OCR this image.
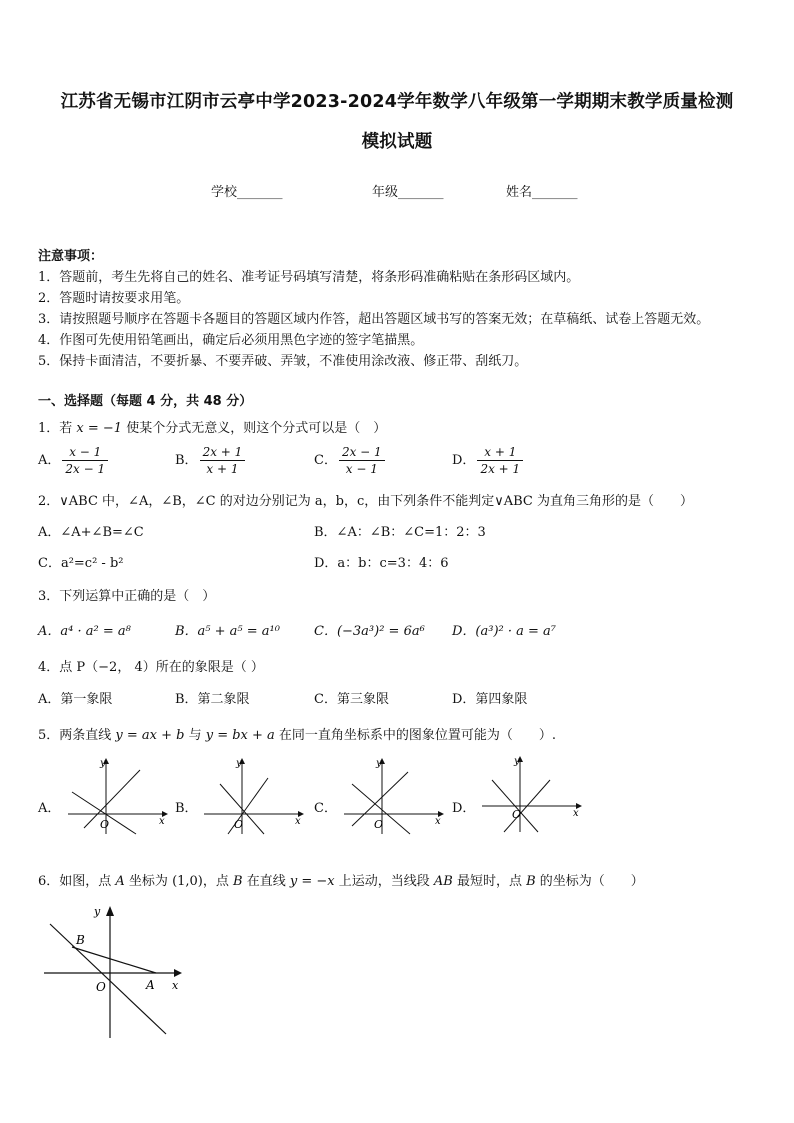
江苏省无锡市江阴市云亭中学2023-2024学年数学八年级第一学期期末教学质量检测
模拟试题
学校_______	年级_______	姓名_______
注意事项：
1．答题前，考生先将自己的姓名、准考证号码填写清楚，将条形码准确粘贴在条形码区域内。
2．答题时请按要求用笔。
3．请按照题号顺序在答题卡各题目的答题区域内作答，超出答题区域书写的答案无效；在草稿纸、试卷上答题无效。
4．作图可先使用铅笔画出，确定后必须用黑色字迹的签字笔描黑。
5．保持卡面清洁，不要折暴、不要弄破、弄皱，不准使用涂改液、修正带、刮纸刀。
一、选择题（每题 4 分，共 48 分）
1．若 x = −1 使某个分式无意义，则这个分式可以是（　）
A． $\frac{x - 1}{2x - 1}$	B． $\frac{2x + 1}{x + 1}$	C． $\frac{2x - 1}{x - 1}$	D． $\frac{x + 1}{2x + 1}$
2．∨ABC 中，∠A，∠B，∠C 的对边分别记为 a，b，c，由下列条件不能判定∨ABC 为直角三角形的是（　　）
A．∠A+∠B=∠C	B．∠A：∠B：∠C=1：2：3
C．a²=c² - b²	D．a：b：c=3：4：6
3．下列运算中正确的是（　）
A．a⁴ · a² = a⁸	B．a⁵ + a⁵ = a¹⁰	C．(−3a³)² = 6a⁶ D．(a³)² · a = a⁷
4．点 P（−2， 4）所在的象限是（ ）
A．第一象限	B．第二象限	C．第三象限	D．第四象限
5．两条直线 y = ax + b 与 y = bx + a 在同一直角坐标系中的图象位置可能为（　　）.
A．
O	x
y
B．
O	x
y
C．
O	x
y
D．	O	x
y
6．如图，点 A 坐标为 (1,0)，点 B 在直线 y = −x 上运动，当线段 AB 最短时，点 B 的坐标为（　　）
B
O	A x
y
